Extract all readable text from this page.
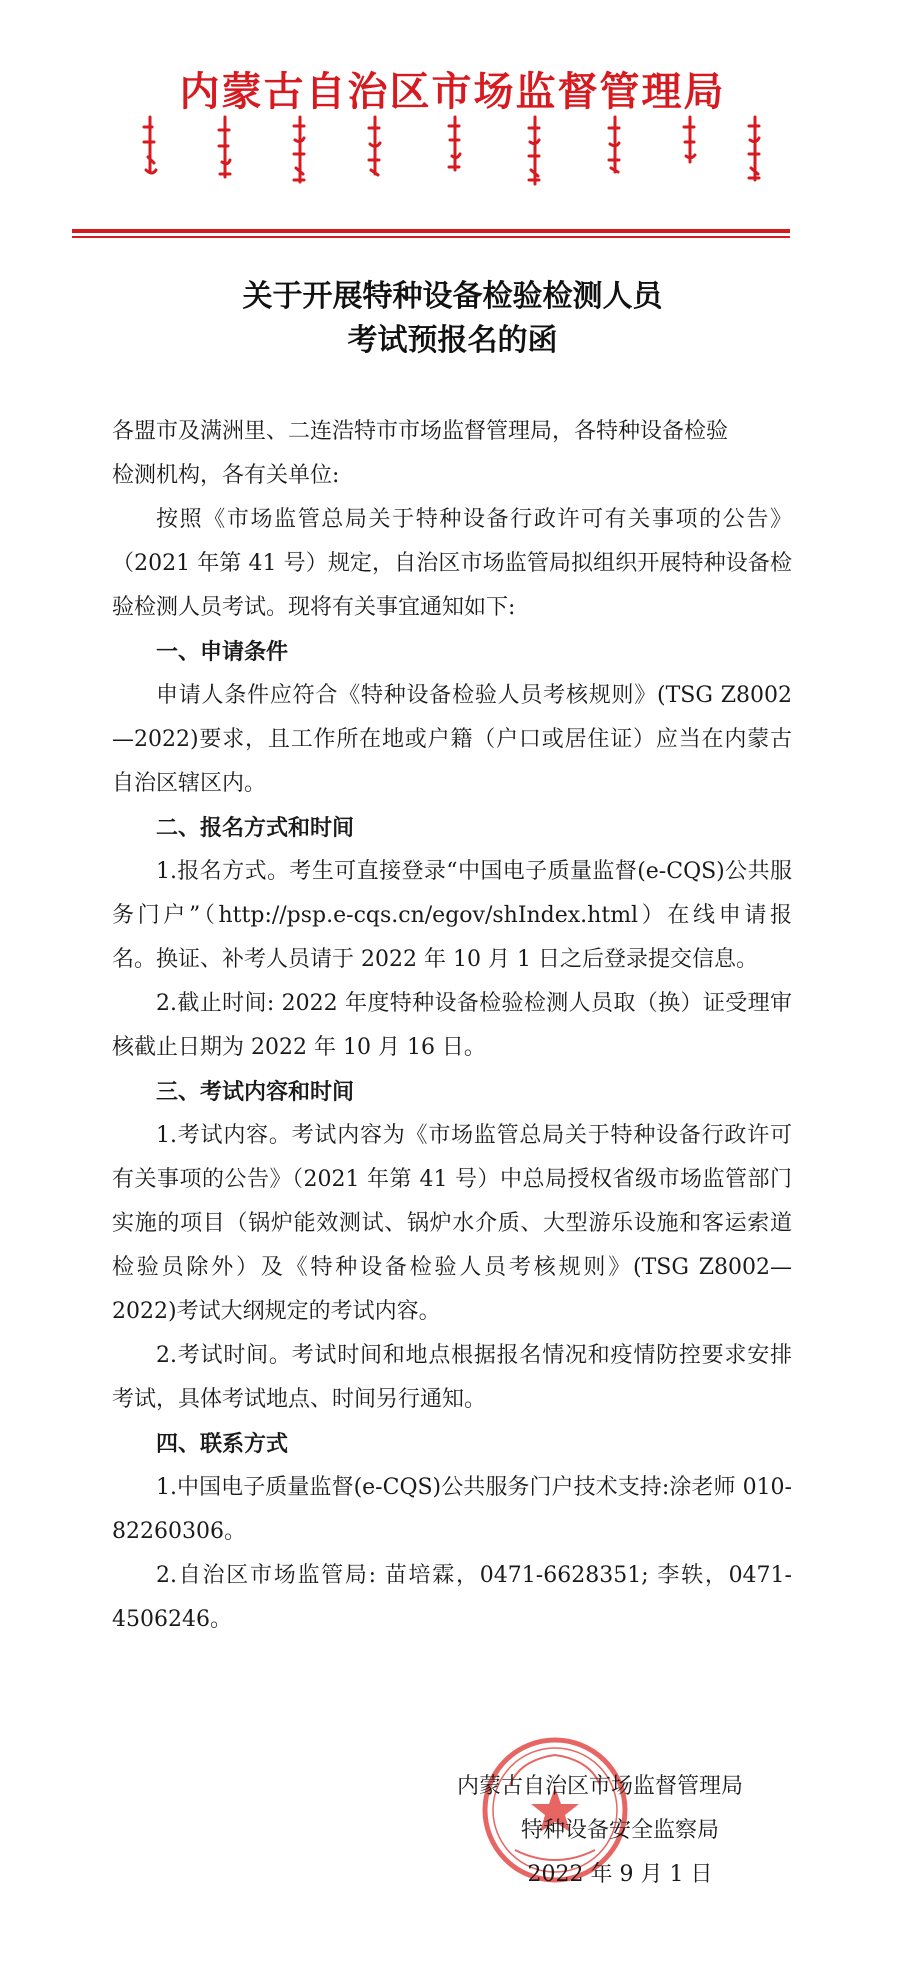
内蒙古自治区市场监督管理局
关于开展特种设备检验检测人员
考试预报名的函

各盟市及满洲里、二连浩特市市场监督管理局，各特种设备检验

检测机构，各有关单位:

按照《市场监管总局关于特种设备行政许可有关事项的公告》（2021 年第 41 号）规定，自治区市场监管局拟组织开展特种设备检验检测人员考试。现将有关事宜通知如下:

一、申请条件

申请人条件应符合《特种设备检验人员考核规则》(TSG Z8002—2022)要求，且工作所在地或户籍（户口或居住证）应当在内蒙古自治区辖区内。

二、报名方式和时间

1.报名方式。考生可直接登录“中国电子质量监督(e-CQS)公共服务门户”（http://psp.e-cqs.cn/egov/shIndex.html）在线申请报名。换证、补考人员请于 2022 年 10 月 1 日之后登录提交信息。

2.截止时间: 2022 年度特种设备检验检测人员取（换）证受理审核截止日期为 2022 年 10 月 16 日。

三、考试内容和时间

1.考试内容。考试内容为《市场监管总局关于特种设备行政许可有关事项的公告》（2021 年第 41 号）中总局授权省级市场监管部门实施的项目（锅炉能效测试、锅炉水介质、大型游乐设施和客运索道检验员除外）及《特种设备检验人员考核规则》(TSG Z8002—2022)考试大纲规定的考试内容。

2.考试时间。考试时间和地点根据报名情况和疫情防控要求安排考试，具体考试地点、时间另行通知。

四、联系方式

1.中国电子质量监督(e-CQS)公共服务门户技术支持:涂老师 010-82260306。

2.自治区市场监管局: 苗培霖，0471-6628351; 李轶，0471-4506246。

内蒙古自治区市场监督管理局
特种设备安全监察局
2022 年 9 月 1 日
